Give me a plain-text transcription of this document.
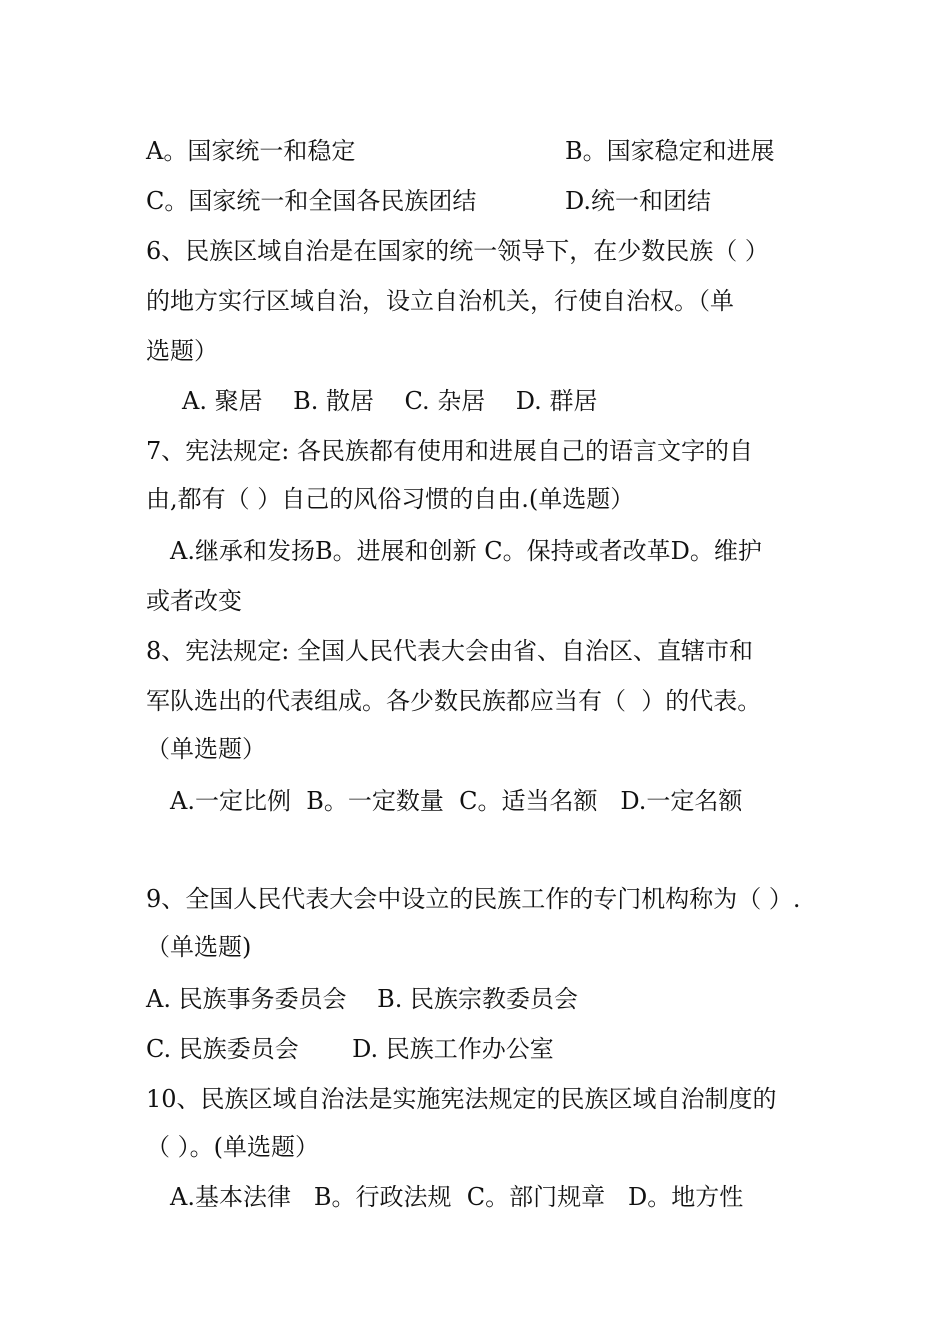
A。国家统一和稳定	B。国家稳定和进展
C。国家统一和全国各民族团结	D.统一和团结
6、民族区域自治是在国家的统一领导下，在少数民族（ ）
的地方实行区域自治，设立自治机关，行使自治权。（单
选题）
A. 聚居    B. 散居    C. 杂居    D. 群居
7、宪法规定: 各民族都有使用和进展自己的语言文字的自
由,都有（ ）自己的风俗习惯的自由.(单选题）
A.继承和发扬B。进展和创新 C。保持或者改革D。维护
或者改变
8、宪法规定: 全国人民代表大会由省、自治区、直辖市和
军队选出的代表组成。各少数民族都应当有（  ）的代表。
（单选题）
A.一定比例  B。一定数量  C。适当名额   D.一定名额
9、全国人民代表大会中设立的民族工作的专门机构称为（ ）.
（单选题)
A. 民族事务委员会    B. 民族宗教委员会
C. 民族委员会       D. 民族工作办公室
10、民族区域自治法是实施宪法规定的民族区域自治制度的
（ ）。(单选题）
A.基本法律   B。行政法规  C。部门规章   D。地方性
